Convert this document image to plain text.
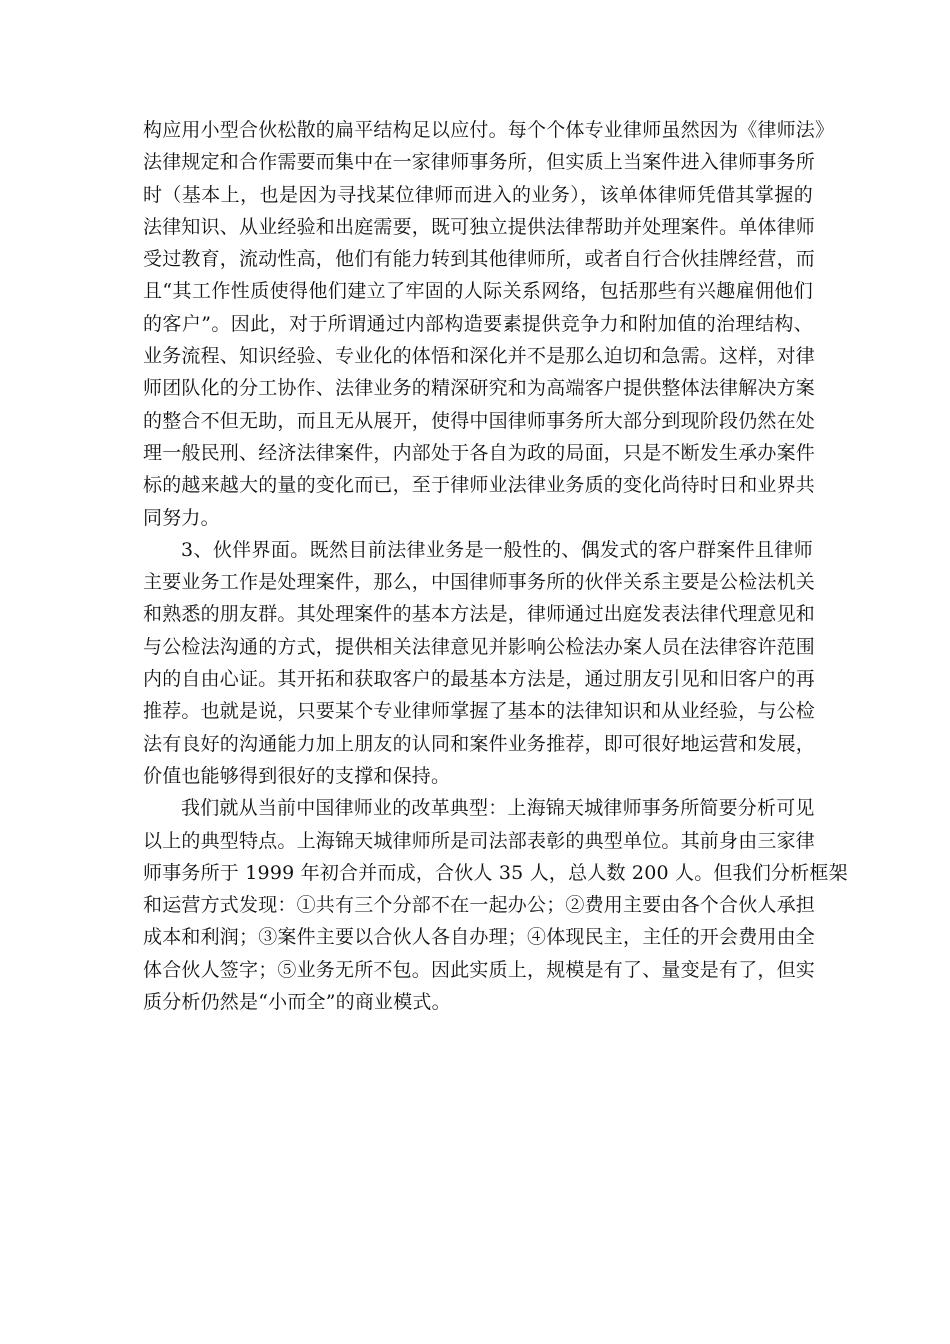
构应用小型合伙松散的扁平结构足以应付。每个个体专业律师虽然因为《律师法》
法律规定和合作需要而集中在一家律师事务所，但实质上当案件进入律师事务所
时（基本上，也是因为寻找某位律师而进入的业务），该单体律师凭借其掌握的
法律知识、从业经验和出庭需要，既可独立提供法律帮助并处理案件。单体律师
受过教育，流动性高，他们有能力转到其他律师所，或者自行合伙挂牌经营，而
且“其工作性质使得他们建立了牢固的人际关系网络，包括那些有兴趣雇佣他们
的客户”。因此，对于所谓通过内部构造要素提供竞争力和附加值的治理结构、
业务流程、知识经验、专业化的体悟和深化并不是那么迫切和急需。这样，对律
师团队化的分工协作、法律业务的精深研究和为高端客户提供整体法律解决方案
的整合不但无助，而且无从展开，使得中国律师事务所大部分到现阶段仍然在处
理一般民刑、经济法律案件，内部处于各自为政的局面，只是不断发生承办案件
标的越来越大的量的变化而已，至于律师业法律业务质的变化尚待时日和业界共
同努力。
3、伙伴界面。既然目前法律业务是一般性的、偶发式的客户群案件且律师
主要业务工作是处理案件，那么，中国律师事务所的伙伴关系主要是公检法机关
和熟悉的朋友群。其处理案件的基本方法是，律师通过出庭发表法律代理意见和
与公检法沟通的方式，提供相关法律意见并影响公检法办案人员在法律容许范围
内的自由心证。其开拓和获取客户的最基本方法是，通过朋友引见和旧客户的再
推荐。也就是说，只要某个专业律师掌握了基本的法律知识和从业经验，与公检
法有良好的沟通能力加上朋友的认同和案件业务推荐，即可很好地运营和发展，
价值也能够得到很好的支撑和保持。
我们就从当前中国律师业的改革典型：上海锦天城律师事务所简要分析可见
以上的典型特点。上海锦天城律师所是司法部表彰的典型单位。其前身由三家律
师事务所于 1999 年初合并而成，合伙人 35 人，总人数 200 人。但我们分析框架
和运营方式发现：①共有三个分部不在一起办公；②费用主要由各个合伙人承担
成本和利润；③案件主要以合伙人各自办理；④体现民主，主任的开会费用由全
体合伙人签字；⑤业务无所不包。因此实质上，规模是有了、量变是有了，但实
质分析仍然是“小而全”的商业模式。
